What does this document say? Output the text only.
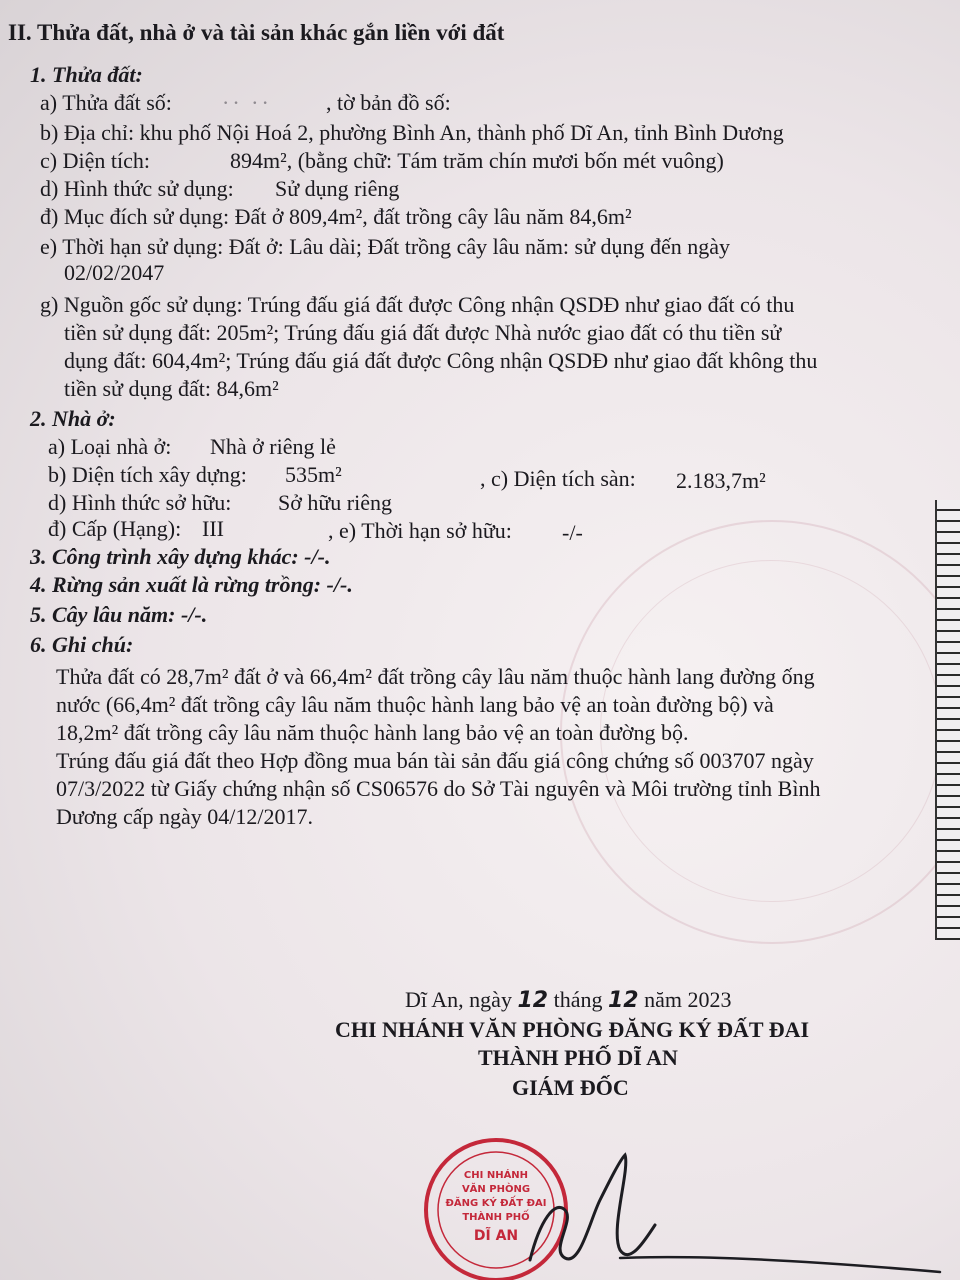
II. Thửa đất, nhà ở và tài sản khác gắn liền với đất
1. Thửa đất:
a) Thửa đất số: ·· ·· , tờ bản đồ số:
b) Địa chỉ: khu phố Nội Hoá 2, phường Bình An, thành phố Dĩ An, tỉnh Bình Dương
c) Diện tích:	894m², (bằng chữ: Tám trăm chín mươi bốn mét vuông)
d) Hình thức sử dụng: Sử dụng riêng
đ) Mục đích sử dụng: Đất ở 809,4m², đất trồng cây lâu năm 84,6m²
e) Thời hạn sử dụng: Đất ở: Lâu dài; Đất trồng cây lâu năm: sử dụng đến ngày
02/02/2047
g) Nguồn gốc sử dụng: Trúng đấu giá đất được Công nhận QSDĐ như giao đất có thu
tiền sử dụng đất: 205m²; Trúng đấu giá đất được Nhà nước giao đất có thu tiền sử
dụng đất: 604,4m²; Trúng đấu giá đất được Công nhận QSDĐ như giao đất không thu
tiền sử dụng đất: 84,6m²
2. Nhà ở:
a) Loại nhà ở: Nhà ở riêng lẻ
b) Diện tích xây dựng: 535m²	, c) Diện tích sàn: 2.183,7m²
d) Hình thức sở hữu: Sở hữu riêng
đ) Cấp (Hạng): III	, e) Thời hạn sở hữu: -/-
3. Công trình xây dựng khác: -/-.
4. Rừng sản xuất là rừng trồng: -/-.
5. Cây lâu năm: -/-.
6. Ghi chú:
Thửa đất có 28,7m² đất ở và 66,4m² đất trồng cây lâu năm thuộc hành lang đường ống
nước (66,4m² đất trồng cây lâu năm thuộc hành lang bảo vệ an toàn đường bộ) và
18,2m² đất trồng cây lâu năm thuộc hành lang bảo vệ an toàn đường bộ.
Trúng đấu giá đất theo Hợp đồng mua bán tài sản đấu giá công chứng số 003707 ngày
07/3/2022 từ Giấy chứng nhận số CS06576 do Sở Tài nguyên và Môi trường tỉnh Bình
Dương cấp ngày 04/12/2017.
Dĩ An, ngày 12 tháng 12 năm 2023
CHI NHÁNH VĂN PHÒNG ĐĂNG KÝ ĐẤT ĐAI
THÀNH PHỐ DĨ AN
GIÁM ĐỐC
CHI NHÁNH
VĂN PHÒNG
ĐĂNG KÝ ĐẤT ĐAI
THÀNH PHỐ
DĨ AN
